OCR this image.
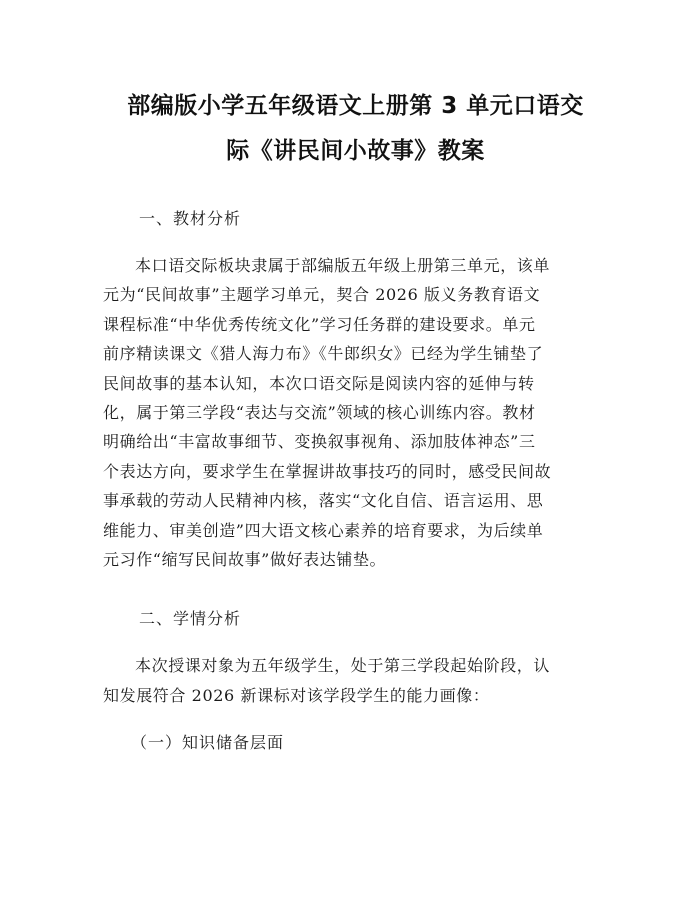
部编版小学五年级语文上册第 3 单元口语交
际《讲民间小故事》教案
一、教材分析
本口语交际板块隶属于部编版五年级上册第三单元，该单
元为“民间故事”主题学习单元，契合 2026 版义务教育语文
课程标准“中华优秀传统文化”学习任务群的建设要求。单元
前序精读课文《猎人海力布》《牛郎织女》已经为学生铺垫了
民间故事的基本认知，本次口语交际是阅读内容的延伸与转
化，属于第三学段“表达与交流”领域的核心训练内容。教材
明确给出“丰富故事细节、变换叙事视角、添加肢体神态”三
个表达方向，要求学生在掌握讲故事技巧的同时，感受民间故
事承载的劳动人民精神内核，落实“文化自信、语言运用、思
维能力、审美创造”四大语文核心素养的培育要求，为后续单
元习作“缩写民间故事”做好表达铺垫。
二、学情分析
本次授课对象为五年级学生，处于第三学段起始阶段，认
知发展符合 2026 新课标对该学段学生的能力画像：
（一）知识储备层面
